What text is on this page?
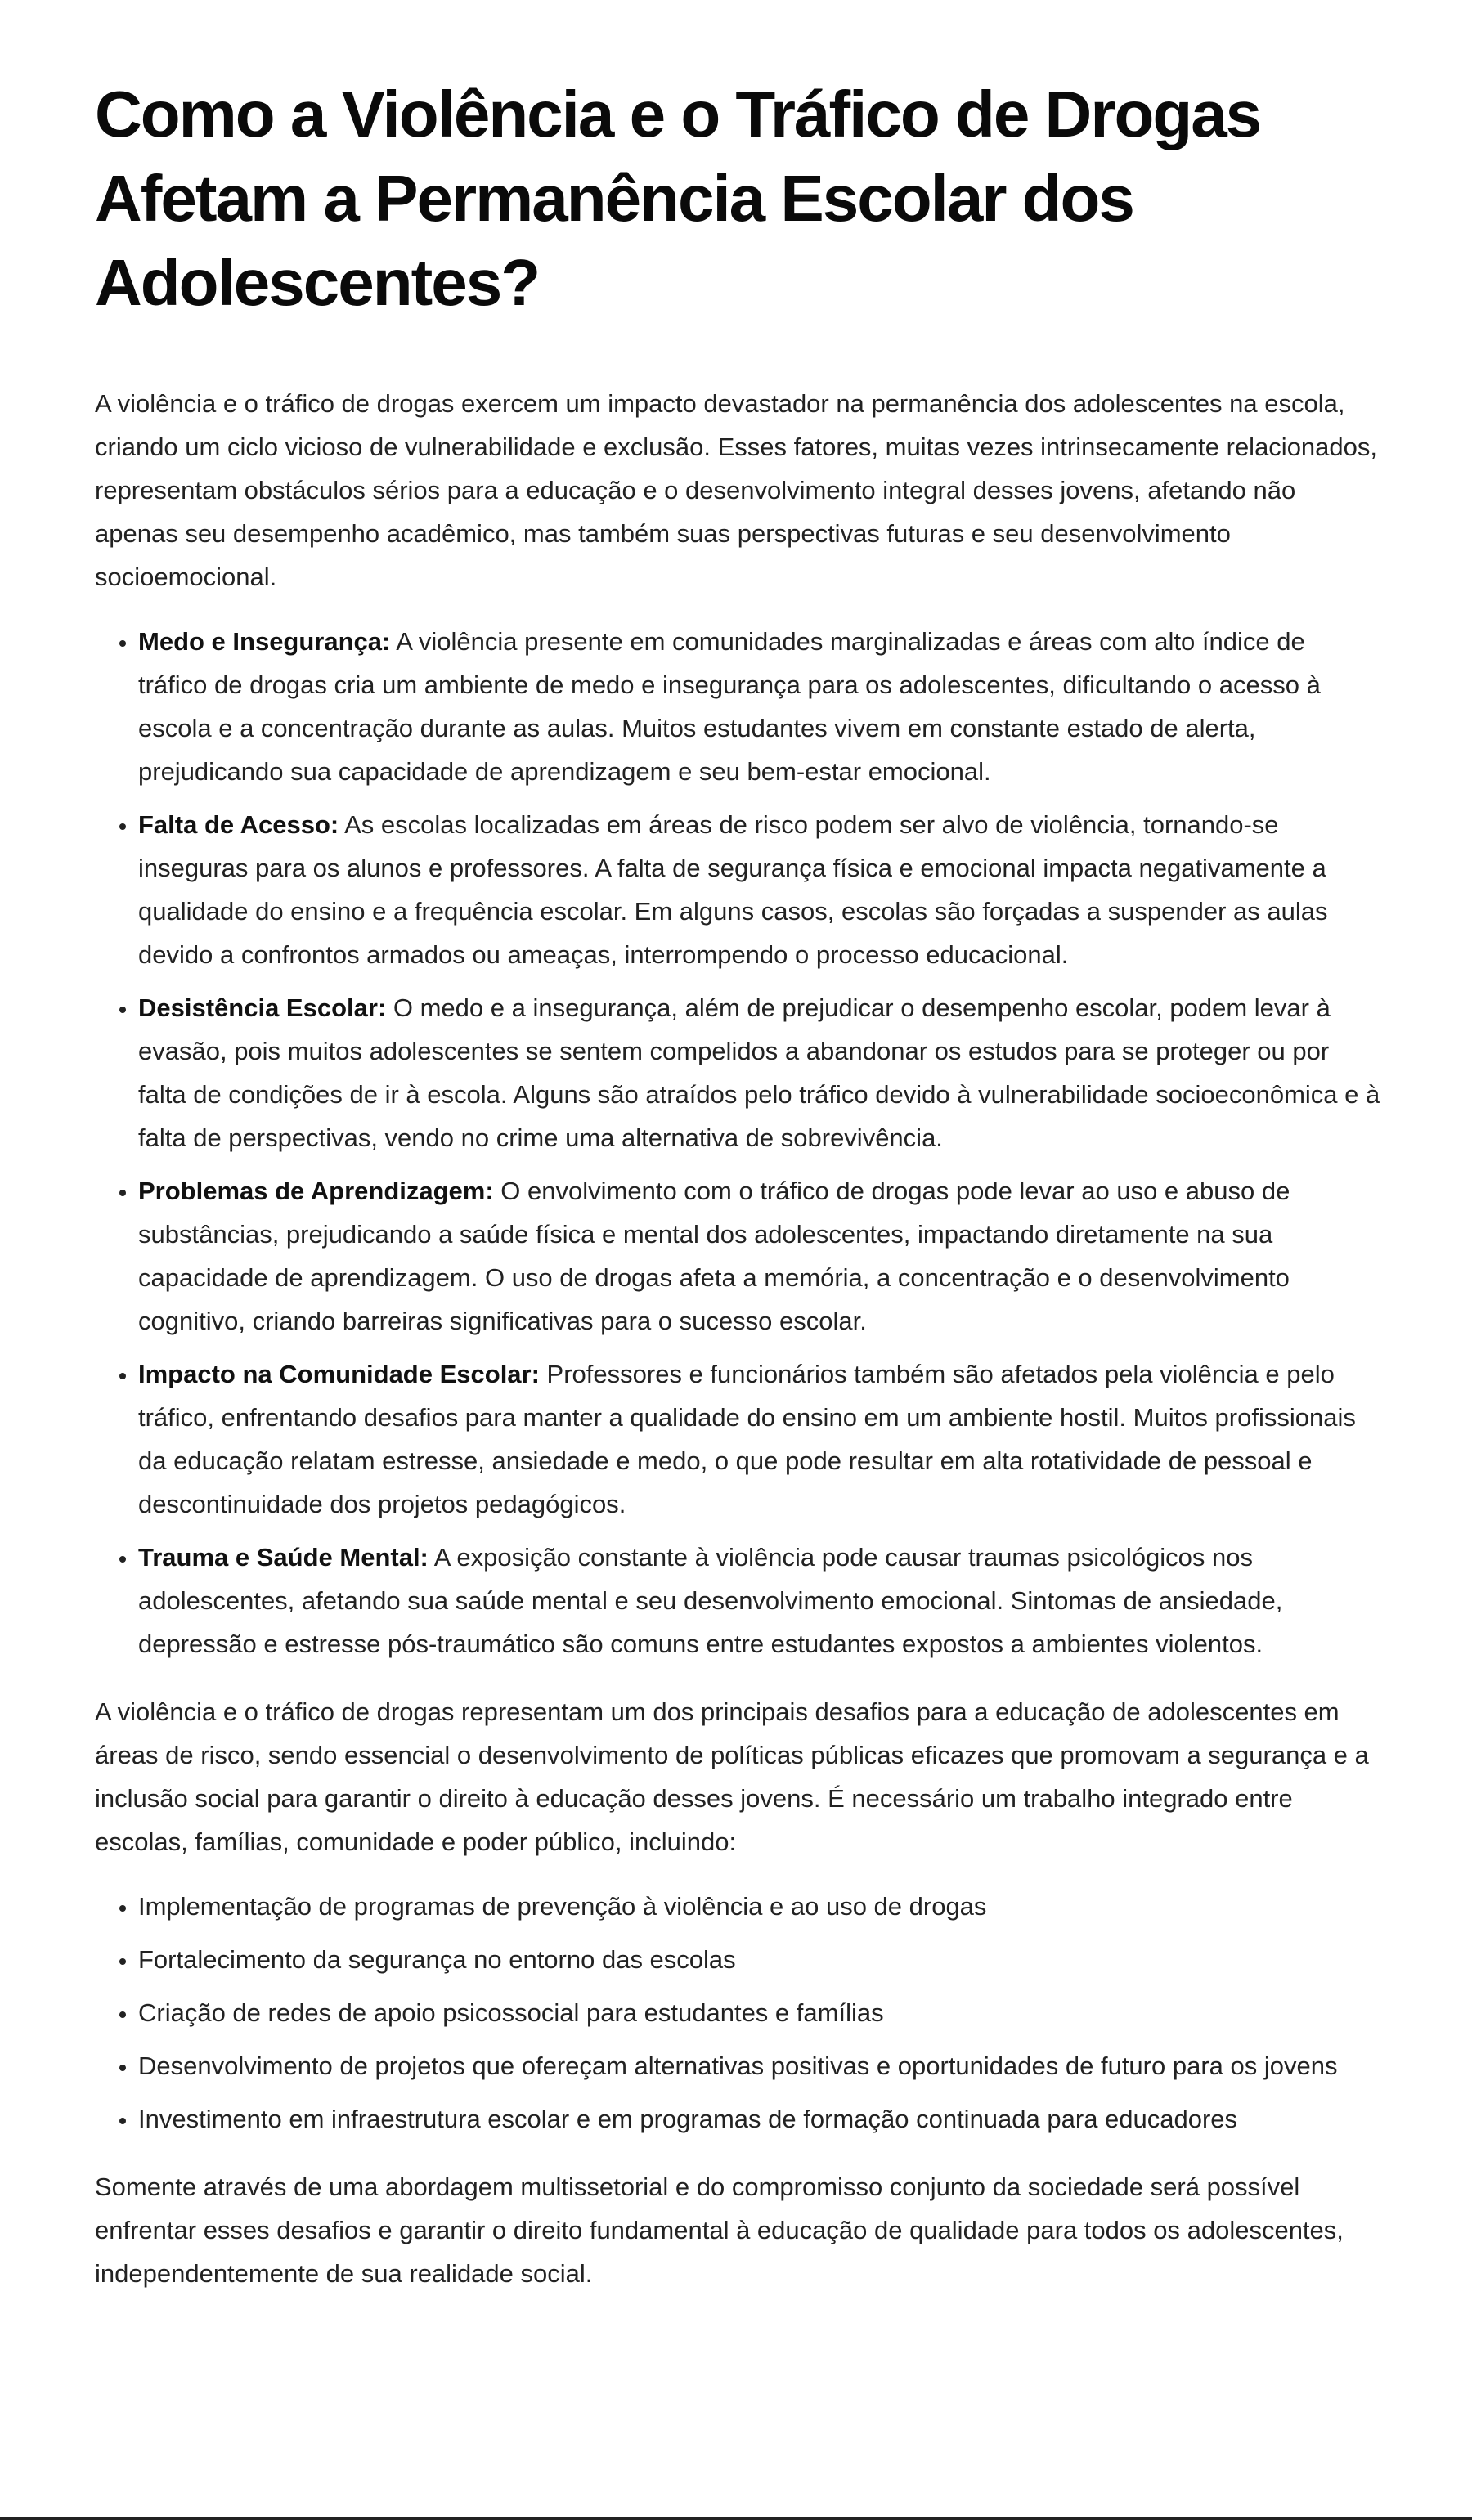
Como a Violência e o Tráfico de Drogas Afetam a Permanência Escolar dos Adolescentes?

A violência e o tráfico de drogas exercem um impacto devastador na permanência dos adolescentes na escola, criando um ciclo vicioso de vulnerabilidade e exclusão. Esses fatores, muitas vezes intrinsecamente relacionados, representam obstáculos sérios para a educação e o desenvolvimento integral desses jovens, afetando não apenas seu desempenho acadêmico, mas também suas perspectivas futuras e seu desenvolvimento socioemocional.

• Medo e Insegurança: A violência presente em comunidades marginalizadas e áreas com alto índice de tráfico de drogas cria um ambiente de medo e insegurança para os adolescentes, dificultando o acesso à escola e a concentração durante as aulas. Muitos estudantes vivem em constante estado de alerta, prejudicando sua capacidade de aprendizagem e seu bem-estar emocional.
• Falta de Acesso: As escolas localizadas em áreas de risco podem ser alvo de violência, tornando-se inseguras para os alunos e professores. A falta de segurança física e emocional impacta negativamente a qualidade do ensino e a frequência escolar. Em alguns casos, escolas são forçadas a suspender as aulas devido a confrontos armados ou ameaças, interrompendo o processo educacional.
• Desistência Escolar: O medo e a insegurança, além de prejudicar o desempenho escolar, podem levar à evasão, pois muitos adolescentes se sentem compelidos a abandonar os estudos para se proteger ou por falta de condições de ir à escola. Alguns são atraídos pelo tráfico devido à vulnerabilidade socioeconômica e à falta de perspectivas, vendo no crime uma alternativa de sobrevivência.
• Problemas de Aprendizagem: O envolvimento com o tráfico de drogas pode levar ao uso e abuso de substâncias, prejudicando a saúde física e mental dos adolescentes, impactando diretamente na sua capacidade de aprendizagem. O uso de drogas afeta a memória, a concentração e o desenvolvimento cognitivo, criando barreiras significativas para o sucesso escolar.
• Impacto na Comunidade Escolar: Professores e funcionários também são afetados pela violência e pelo tráfico, enfrentando desafios para manter a qualidade do ensino em um ambiente hostil. Muitos profissionais da educação relatam estresse, ansiedade e medo, o que pode resultar em alta rotatividade de pessoal e descontinuidade dos projetos pedagógicos.
• Trauma e Saúde Mental: A exposição constante à violência pode causar traumas psicológicos nos adolescentes, afetando sua saúde mental e seu desenvolvimento emocional. Sintomas de ansiedade, depressão e estresse pós-traumático são comuns entre estudantes expostos a ambientes violentos.

A violência e o tráfico de drogas representam um dos principais desafios para a educação de adolescentes em áreas de risco, sendo essencial o desenvolvimento de políticas públicas eficazes que promovam a segurança e a inclusão social para garantir o direito à educação desses jovens. É necessário um trabalho integrado entre escolas, famílias, comunidade e poder público, incluindo:

• Implementação de programas de prevenção à violência e ao uso de drogas
• Fortalecimento da segurança no entorno das escolas
• Criação de redes de apoio psicossocial para estudantes e famílias
• Desenvolvimento de projetos que ofereçam alternativas positivas e oportunidades de futuro para os jovens
• Investimento em infraestrutura escolar e em programas de formação continuada para educadores

Somente através de uma abordagem multissetorial e do compromisso conjunto da sociedade será possível enfrentar esses desafios e garantir o direito fundamental à educação de qualidade para todos os adolescentes, independentemente de sua realidade social.
